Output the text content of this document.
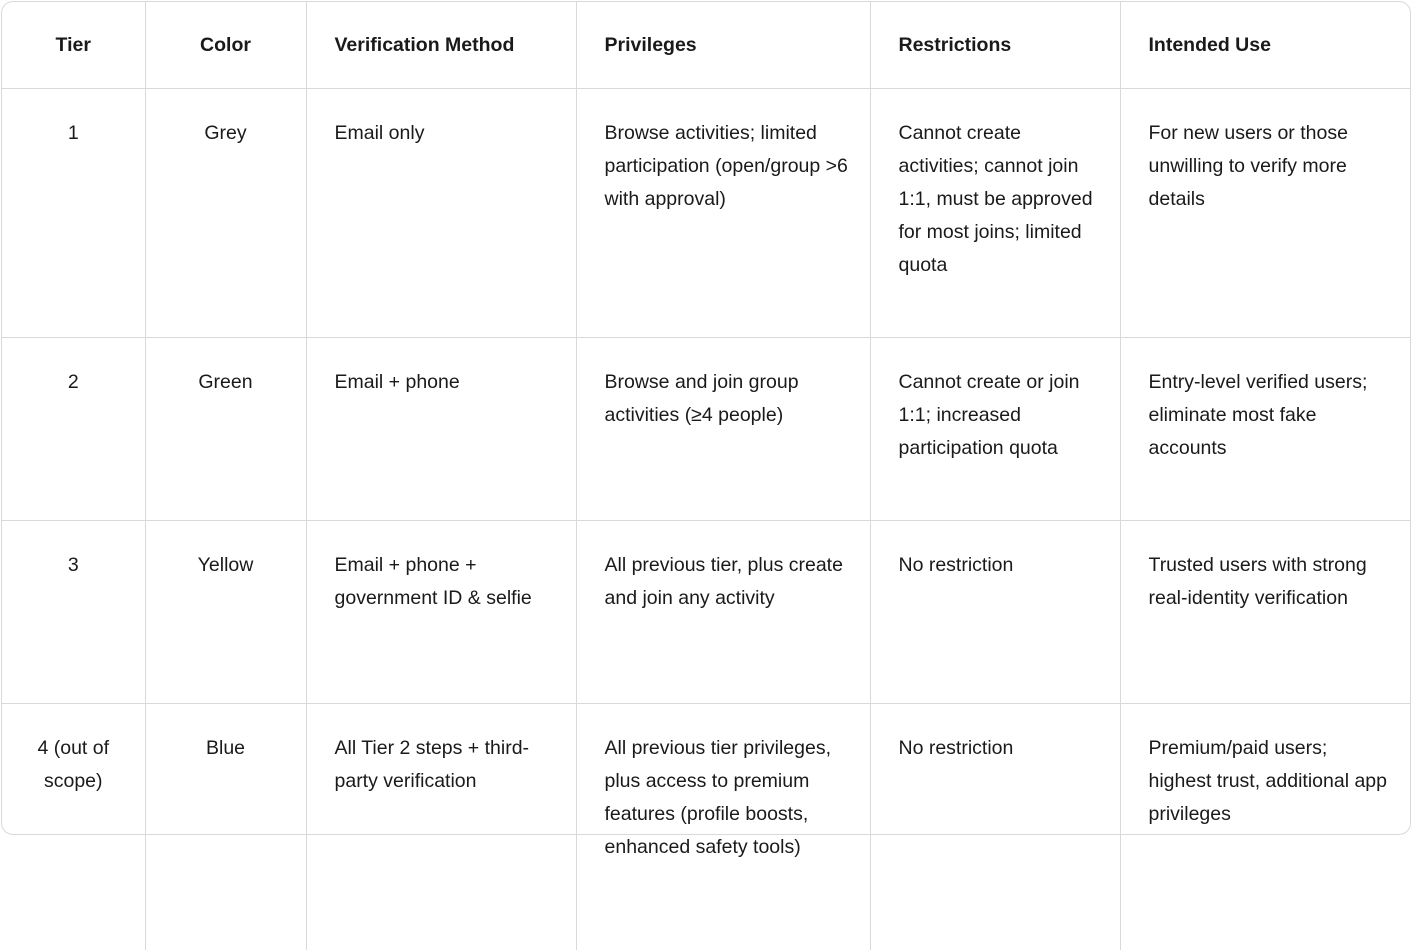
Tier	Color	Verification Method	Privileges	Restrictions	Intended Use
1	Grey	Email only	Browse activities; limited participation (open/group >6 with approval)	Cannot create activities; cannot join 1:1, must be approved for most joins; limited quota	For new users or those unwilling to verify more details
2	Green	Email + phone	Browse and join group activities (≥4 people)	Cannot create or join 1:1; increased participation quota	Entry-level verified users; eliminate most fake accounts
3	Yellow	Email + phone + government ID & selfie	All previous tier, plus create and join any activity	No restriction	Trusted users with strong real-identity verification
4 (out of scope)	Blue	All Tier 2 steps + third-party verification	All previous tier privileges, plus access to premium features (profile boosts, enhanced safety tools)	No restriction	Premium/paid users; highest trust, additional app privileges
